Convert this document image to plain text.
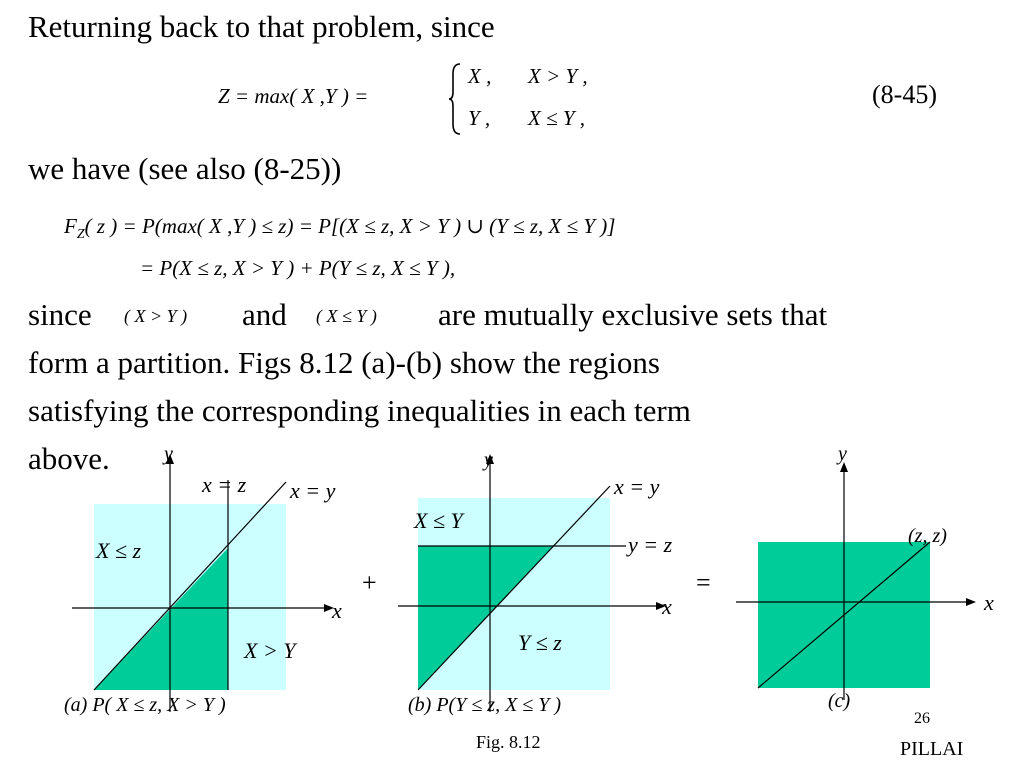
Returning back to that problem, since
Z = max( X ,Y ) =
X , X > Y ,
Y , X ≤ Y ,
(8-45)
we have (see also (8-25))
$F_Z$( z ) = P(max( X ,Y ) ≤ z) = P[(X ≤ z, X > Y ) ∪ (Y ≤ z, X ≤ Y )]
= P(X ≤ z, X > Y ) + P(Y ≤ z, X ≤ Y ),
since ( X > Y ) and ( X ≤ Y ) are mutually exclusive sets that
form a partition. Figs 8.12 (a)-(b) show the regions
satisfying the corresponding inequalities in each term
above.	y
x
x = z x = y
X ≤ z
X > Y
(a) P( X ≤ z, X > Y )
+
y
x
x = y
y = z
X ≤ Y
Y ≤ z
(b) P(Y ≤ z, X ≤ Y )
=
y
x
(z, z)
(c)
Fig. 8.12
26
PILLAI
